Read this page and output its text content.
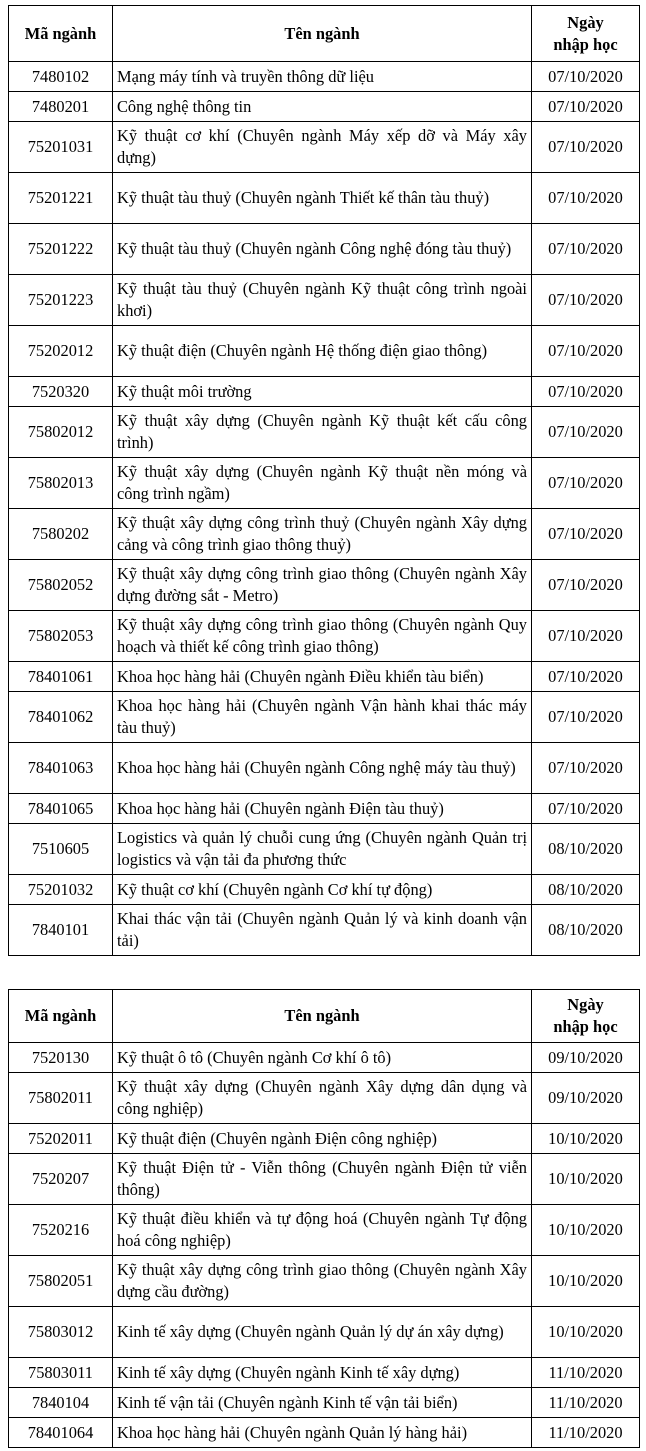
Mã ngành	Tên ngành	Ngày
nhập học
7480102	Mạng máy tính và truyền thông dữ liệu	07/10/2020
7480201	Công nghệ thông tin	07/10/2020
75201031	Kỹ thuật cơ khí (Chuyên ngành Máy xếp dỡ và Máy xây dựng)	07/10/2020
75201221	Kỹ thuật tàu thuỷ (Chuyên ngành Thiết kế thân tàu thuỷ)	07/10/2020
75201222	Kỹ thuật tàu thuỷ (Chuyên ngành Công nghệ đóng tàu thuỷ)	07/10/2020
75201223	Kỹ thuật tàu thuỷ (Chuyên ngành Kỹ thuật công trình ngoài khơi)	07/10/2020
75202012	Kỹ thuật điện (Chuyên ngành Hệ thống điện giao thông)	07/10/2020
7520320	Kỹ thuật môi trường	07/10/2020
75802012	Kỹ thuật xây dựng (Chuyên ngành Kỹ thuật kết cấu công trình)	07/10/2020
75802013	Kỹ thuật xây dựng (Chuyên ngành Kỹ thuật nền móng và công trình ngầm)	07/10/2020
7580202	Kỹ thuật xây dựng công trình thuỷ (Chuyên ngành Xây dựng cảng và công trình giao thông thuỷ)	07/10/2020
75802052	Kỹ thuật xây dựng công trình giao thông (Chuyên ngành Xây dựng đường sắt - Metro)	07/10/2020
75802053	Kỹ thuật xây dựng công trình giao thông (Chuyên ngành Quy hoạch và thiết kế công trình giao thông)	07/10/2020
78401061	Khoa học hàng hải (Chuyên ngành Điều khiển tàu biển)	07/10/2020
78401062	Khoa học hàng hải (Chuyên ngành Vận hành khai thác máy tàu thuỷ)	07/10/2020
78401063	Khoa học hàng hải (Chuyên ngành Công nghệ máy tàu thuỷ)	07/10/2020
78401065	Khoa học hàng hải (Chuyên ngành Điện tàu thuỷ)	07/10/2020
7510605	Logistics và quản lý chuỗi cung ứng (Chuyên ngành Quản trị logistics và vận tải đa phương thức	08/10/2020
75201032	Kỹ thuật cơ khí (Chuyên ngành Cơ khí tự động)	08/10/2020
7840101	Khai thác vận tải (Chuyên ngành Quản lý và kinh doanh vận tải)	08/10/2020
Mã ngành	Tên ngành	Ngày
nhập học
7520130	Kỹ thuật ô tô (Chuyên ngành Cơ khí ô tô)	09/10/2020
75802011	Kỹ thuật xây dựng (Chuyên ngành Xây dựng dân dụng và công nghiệp)	09/10/2020
75202011	Kỹ thuật điện (Chuyên ngành Điện công nghiệp)	10/10/2020
7520207	Kỹ thuật Điện tử - Viễn thông (Chuyên ngành Điện tử viễn thông)	10/10/2020
7520216	Kỹ thuật điều khiển và tự động hoá (Chuyên ngành Tự động hoá công nghiệp)	10/10/2020
75802051	Kỹ thuật xây dựng công trình giao thông (Chuyên ngành Xây dựng cầu đường)	10/10/2020
75803012	Kinh tế xây dựng (Chuyên ngành Quản lý dự án xây dựng)	10/10/2020
75803011	Kinh tế xây dựng (Chuyên ngành Kinh tế xây dựng)	11/10/2020
7840104	Kinh tế vận tải (Chuyên ngành Kinh tế vận tải biển)	11/10/2020
78401064	Khoa học hàng hải (Chuyên ngành Quản lý hàng hải)	11/10/2020
